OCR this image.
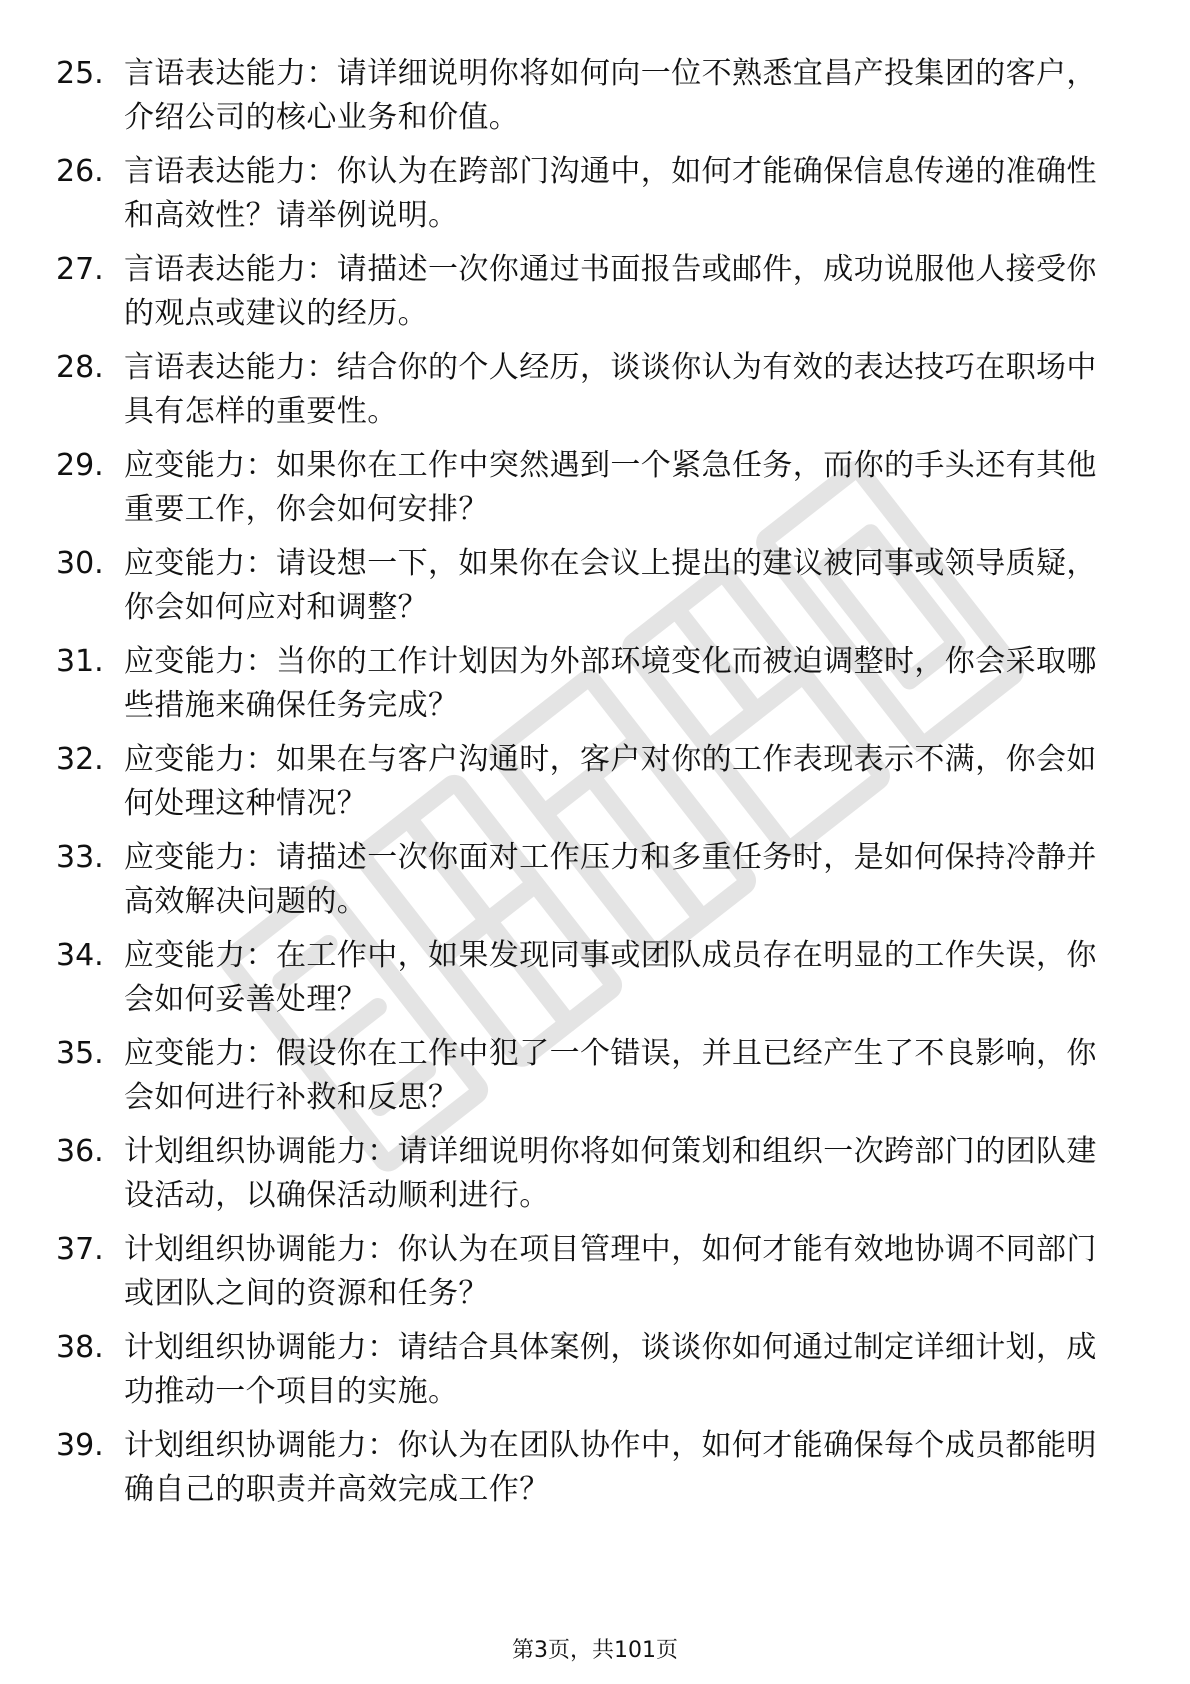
25. 言语表达能力：请详细说明你将如何向一位不熟悉宜昌产投集团的客户，介绍公司的核心业务和价值。
26. 言语表达能力：你认为在跨部门沟通中，如何才能确保信息传递的准确性和高效性？请举例说明。
27. 言语表达能力：请描述一次你通过书面报告或邮件，成功说服他人接受你的观点或建议的经历。
28. 言语表达能力：结合你的个人经历，谈谈你认为有效的表达技巧在职场中具有怎样的重要性。
29. 应变能力：如果你在工作中突然遇到一个紧急任务，而你的手头还有其他重要工作，你会如何安排？
30. 应变能力：请设想一下，如果你在会议上提出的建议被同事或领导质疑，你会如何应对和调整？
31. 应变能力：当你的工作计划因为外部环境变化而被迫调整时，你会采取哪些措施来确保任务完成？
32. 应变能力：如果在与客户沟通时，客户对你的工作表现表示不满，你会如何处理这种情况？
33. 应变能力：请描述一次你面对工作压力和多重任务时，是如何保持冷静并高效解决问题的。
34. 应变能力：在工作中，如果发现同事或团队成员存在明显的工作失误，你会如何妥善处理？
35. 应变能力：假设你在工作中犯了一个错误，并且已经产生了不良影响，你会如何进行补救和反思？
36. 计划组织协调能力：请详细说明你将如何策划和组织一次跨部门的团队建设活动，以确保活动顺利进行。
37. 计划组织协调能力：你认为在项目管理中，如何才能有效地协调不同部门或团队之间的资源和任务？
38. 计划组织协调能力：请结合具体案例，谈谈你如何通过制定详细计划，成功推动一个项目的实施。
39. 计划组织协调能力：你认为在团队协作中，如何才能确保每个成员都能明确自己的职责并高效完成工作？
第3页，共101页
